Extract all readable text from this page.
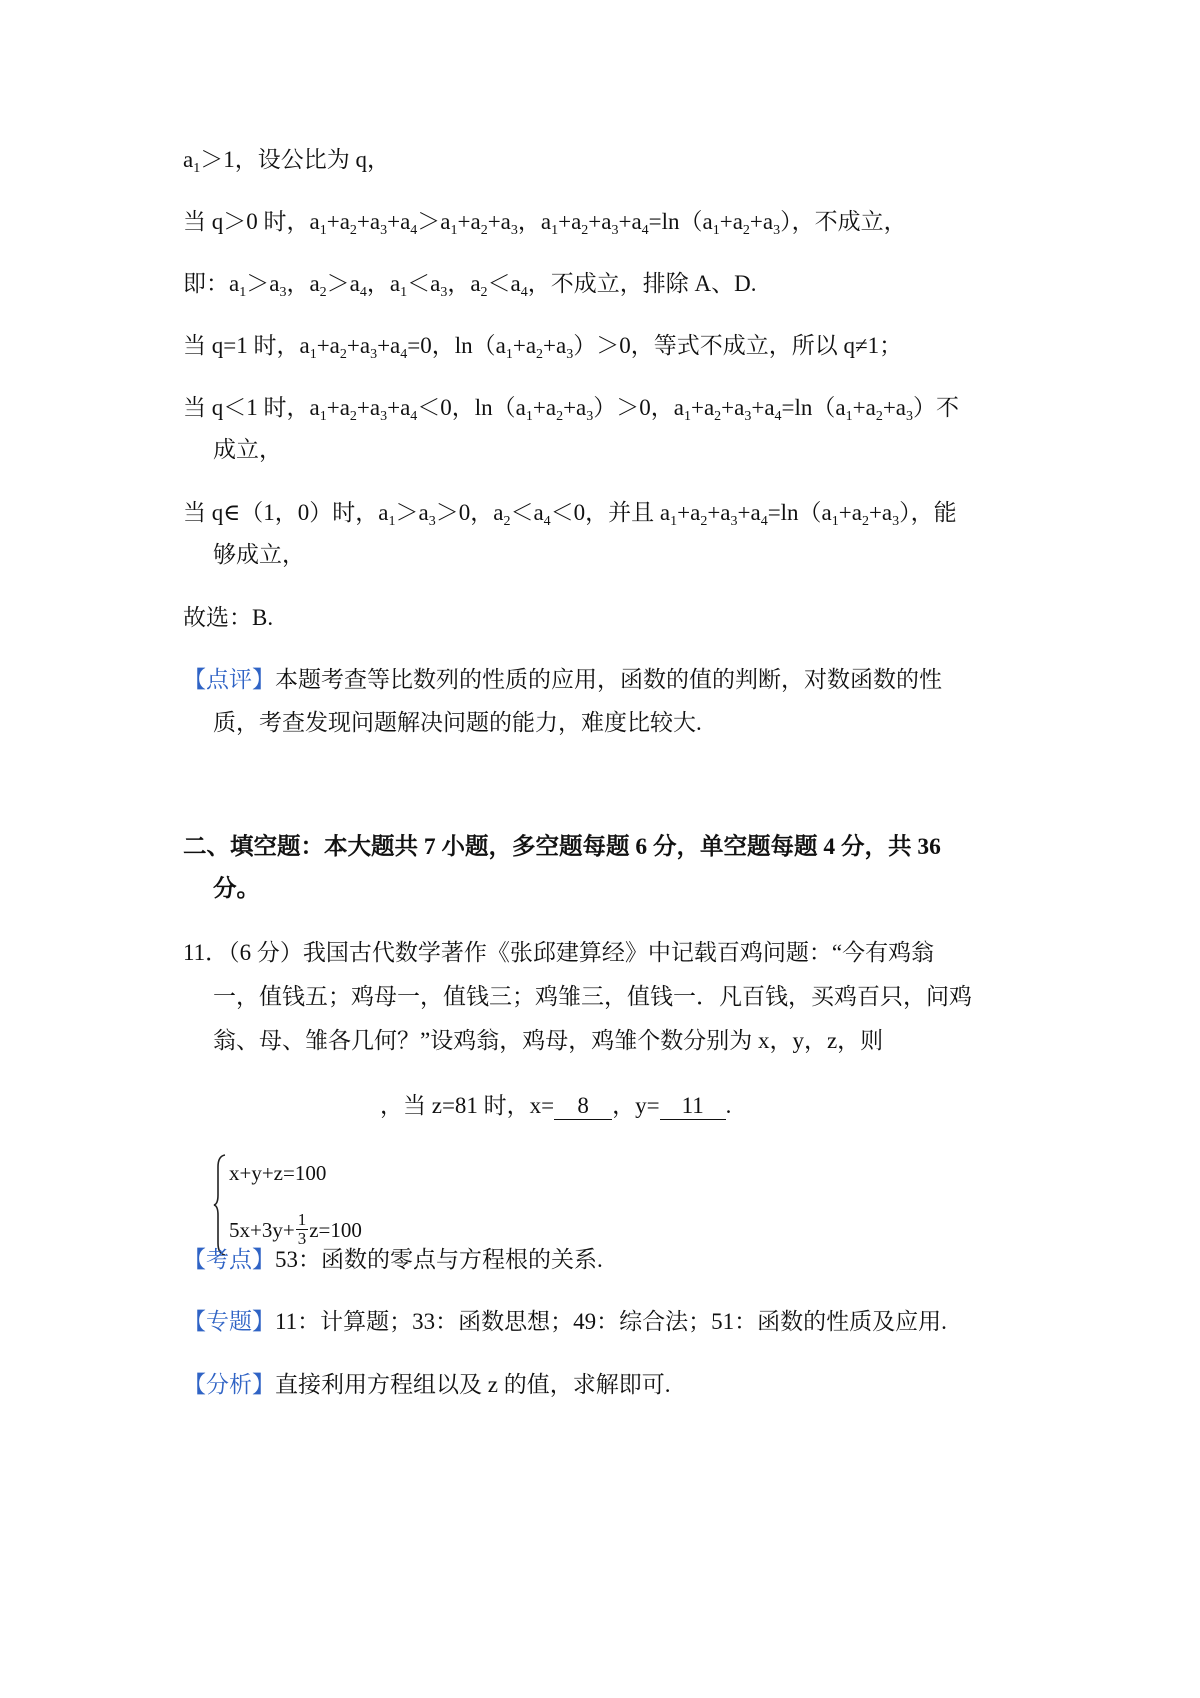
$a_1>1$，设公比为 q，
当 q＞0 时，$a_1+a_2+a_3+a_4>a_1+a_2+a_3$，$a_1+a_2+a_3+a_4=\ln(a_1+a_2+a_3)$，不成立，
即：$a_1>a_3$，$a_2>a_4$，$a_1<a_3$，$a_2<a_4$，不成立，排除 A、D.
当 q=1 时，$a_1+a_2+a_3+a_4=0$，$\ln(a_1+a_2+a_3)>0$，等式不成立，所以 q≠1；
当 q＜1 时，$a_1+a_2+a_3+a_4<0$，$\ln(a_1+a_2+a_3)>0$，$a_1+a_2+a_3+a_4=\ln(a_1+a_2+a_3)$不
成立，
当 q∈（1，0）时，$a_1>a_3>0$，$a_2<a_4<0$，并且 $a_1+a_2+a_3+a_4=\ln(a_1+a_2+a_3)$，能
够成立，
故选：B.
【点评】本题考查等比数列的性质的应用，函数的值的判断，对数函数的性
质，考查发现问题解决问题的能力，难度比较大.
二、填空题：本大题共 7 小题，多空题每题 6 分，单空题每题 4 分，共 36
分。
11．（6 分）我国古代数学著作《张邱建算经》中记载百鸡问题：“今有鸡翁
一，值钱五；鸡母一，值钱三；鸡雏三，值钱一．凡百钱，买鸡百只，问鸡
翁、母、雏各几何？”设鸡翁，鸡母，鸡雏个数分别为 x，y，z，则
x+y+z=100
$5x+3y+ \frac{1}{3} z=100$
，当 z=81 时，x= 8 ，y= 11 .
【考点】53：函数的零点与方程根的关系.
【专题】11：计算题；33：函数思想；49：综合法；51：函数的性质及应用.
【分析】直接利用方程组以及 z 的值，求解即可.
